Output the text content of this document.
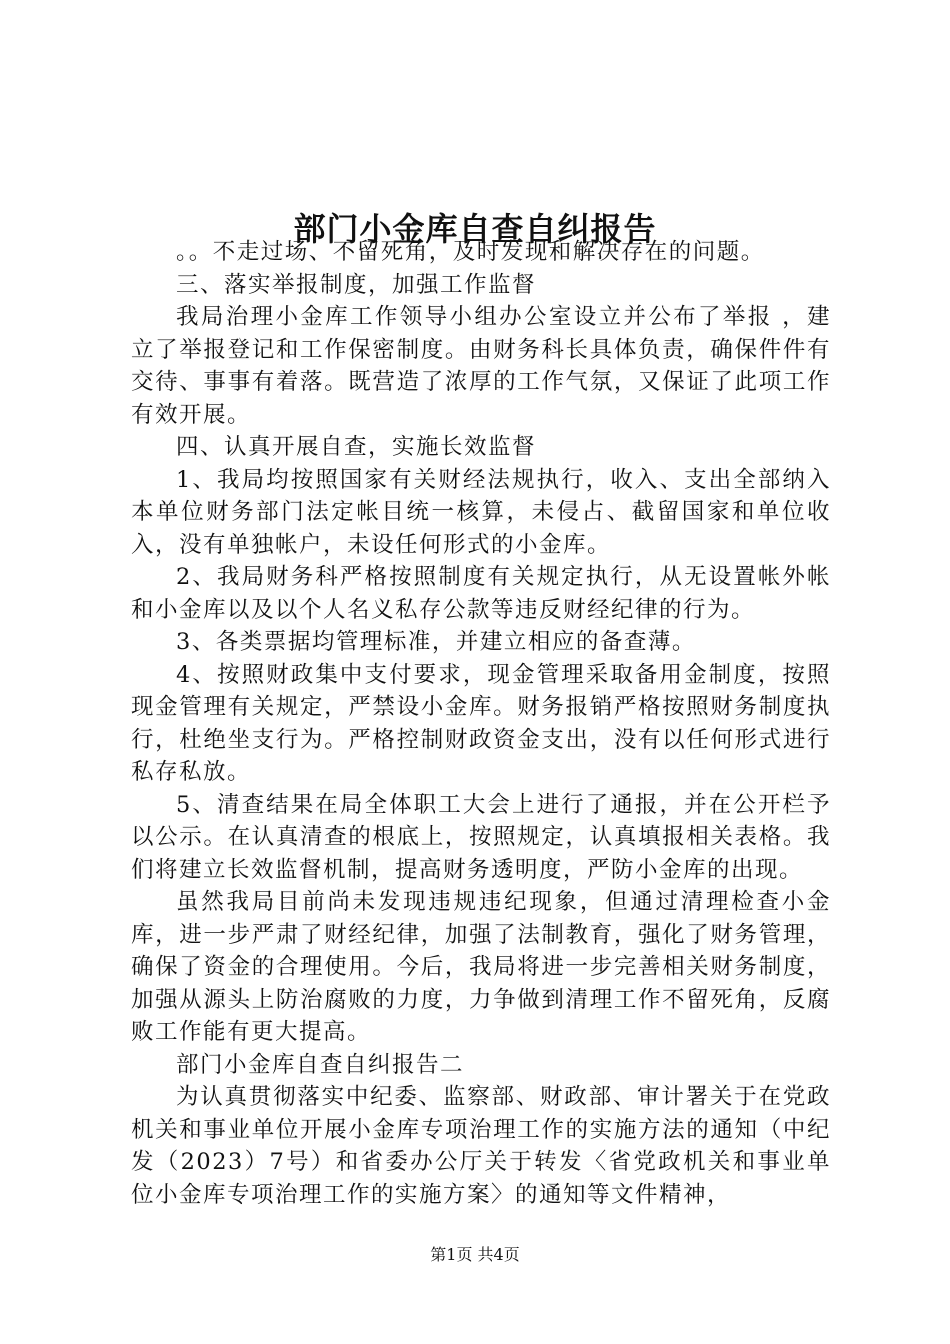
部门小金库自查自纠报告

。。不走过场、不留死角，及时发现和解决存在的问题。

三、落实举报制度，加强工作监督

我局治理小金库工作领导小组办公室设立并公布了举报 ，建立了举报登记和工作保密制度。由财务科长具体负责，确保件件有交待、事事有着落。既营造了浓厚的工作气氛，又保证了此项工作有效开展。

四、认真开展自查，实施长效监督

1、我局均按照国家有关财经法规执行，收入、支出全部纳入本单位财务部门法定帐目统一核算，未侵占、截留国家和单位收入，没有单独帐户，未设任何形式的小金库。

2、我局财务科严格按照制度有关规定执行，从无设置帐外帐和小金库以及以个人名义私存公款等违反财经纪律的行为。

3、各类票据均管理标准，并建立相应的备查薄。

4、按照财政集中支付要求，现金管理采取备用金制度，按照现金管理有关规定，严禁设小金库。财务报销严格按照财务制度执行，杜绝坐支行为。严格控制财政资金支出，没有以任何形式进行私存私放。

5、清查结果在局全体职工大会上进行了通报，并在公开栏予以公示。在认真清查的根底上，按照规定，认真填报相关表格。我们将建立长效监督机制，提高财务透明度，严防小金库的出现。

虽然我局目前尚未发现违规违纪现象，但通过清理检查小金库，进一步严肃了财经纪律，加强了法制教育，强化了财务管理，确保了资金的合理使用。今后，我局将进一步完善相关财务制度，加强从源头上防治腐败的力度，力争做到清理工作不留死角，反腐败工作能有更大提高。

部门小金库自查自纠报告二

为认真贯彻落实中纪委、监察部、财政部、审计署关于在党政机关和事业单位开展小金库专项治理工作的实施方法的通知（中纪发（2023）7号）和省委办公厅关于转发〈省党政机关和事业单位小金库专项治理工作的实施方案〉的通知等文件精神，

第1页 共4页
